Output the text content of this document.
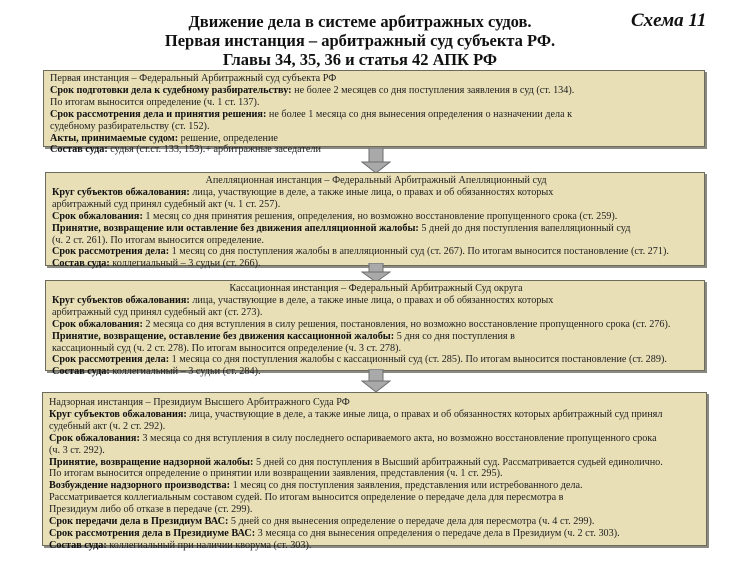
Движение дела в системе арбитражных судов.
Первая инстанция – арбитражный суд субъекта РФ.
Главы 34, 35, 36 и статья 42 АПК РФ
Схема 11
Первая инстанция – Федеральный Арбитражный суд субъекта РФ
Срок подготовки дела к судебному разбирательству: не более 2 месяцев со дня поступления заявления в суд (ст. 134).
По итогам выносится определение (ч. 1 ст. 137).
Срок рассмотрения дела и принятия решения: не более 1 месяца со дня вынесения определения о назначении дела к
судебному разбирательству (ст. 152).
Акты, принимаемые судом: решение, определение
Состав суда: судья (ст.ст. 133, 153).+ арбитражные заседатели
Апелляционная инстанция – Федеральный Арбитражный Апелляционный суд
Круг субъектов обжалования: лица, участвующие в деле, а также иные лица, о правах и об обязанностях которых
арбитражный суд принял судебный акт (ч. 1 ст. 257).
Срок обжалования: 1 месяц со дня принятия решения, определения, но возможно восстановление пропущенного срока (ст. 259).
Принятие, возвращение или оставление без движения апелляционной жалобы: 5 дней до дня поступления вапелляционный суд
(ч. 2 ст. 261). По итогам выносится определение.
Срок рассмотрения дела: 1 месяц со дня поступления жалобы в апелляционный суд (ст. 267). По итогам выносится постановление (ст. 271).
Состав суда: коллегиальный – 3 судьи (ст. 266).
Кассационная инстанция – Федеральный Арбитражный Суд округа
Круг субъектов обжалования: лица, участвующие в деле, а также иные лица, о правах и об обязанностях которых
арбитражный суд принял судебный акт (ст. 273).
Срок обжалования: 2 месяца со дня вступления в силу решения, постановления, но возможно восстановление пропущенного срока (ст. 276).
Принятие, возвращение, оставление без движения кассационной жалобы: 5 дня со дня поступления в
кассационный суд (ч. 2 ст. 278). По итогам выносится определение (ч. 3 ст. 278).
Срок рассмотрения дела: 1 месяца со дня поступления жалобы с кассационный суд (ст. 285). По итогам выносится постановление (ст. 289).
Состав суда: коллегиальный – 3 судьи (ст. 284).
Надзорная инстанция – Президиум Высшего Арбитражного Суда РФ
Круг субъектов обжалования: лица, участвующие в деле, а также иные лица, о правах и об обязанностях которых арбитражный суд принял
судебный акт (ч. 2 ст. 292).
Срок обжалования: 3 месяца со дня вступления в силу последнего оспариваемого акта, но возможно восстановление пропущенного срока
(ч. 3 ст. 292).
Принятие, возвращение надзорной жалобы: 5 дней со дня поступления в Высший арбитражный суд. Рассматривается судьей единолично.
По итогам выносится определение о принятии или возвращении заявления, представления (ч. 1 ст. 295).
Возбуждение надзорного производства: 1 месяц со дня поступления заявления, представления или истребованного дела.
Рассматривается коллегиальным составом судей. По итогам выносится определение о передаче дела для пересмотра в
Президиум либо об отказе в передаче (ст. 299).
Срок передачи дела в Президиум ВАС: 5 дней со дня вынесения определение о передаче дела для пересмотра (ч. 4 ст. 299).
Срок рассмотрения дела в Президиуме ВАС: 3 месяца со дня вынесения определения о передаче дела в Президиум (ч. 2 ст. 303).
Состав суда: коллегиальный при наличии кворума (ст. 303).
